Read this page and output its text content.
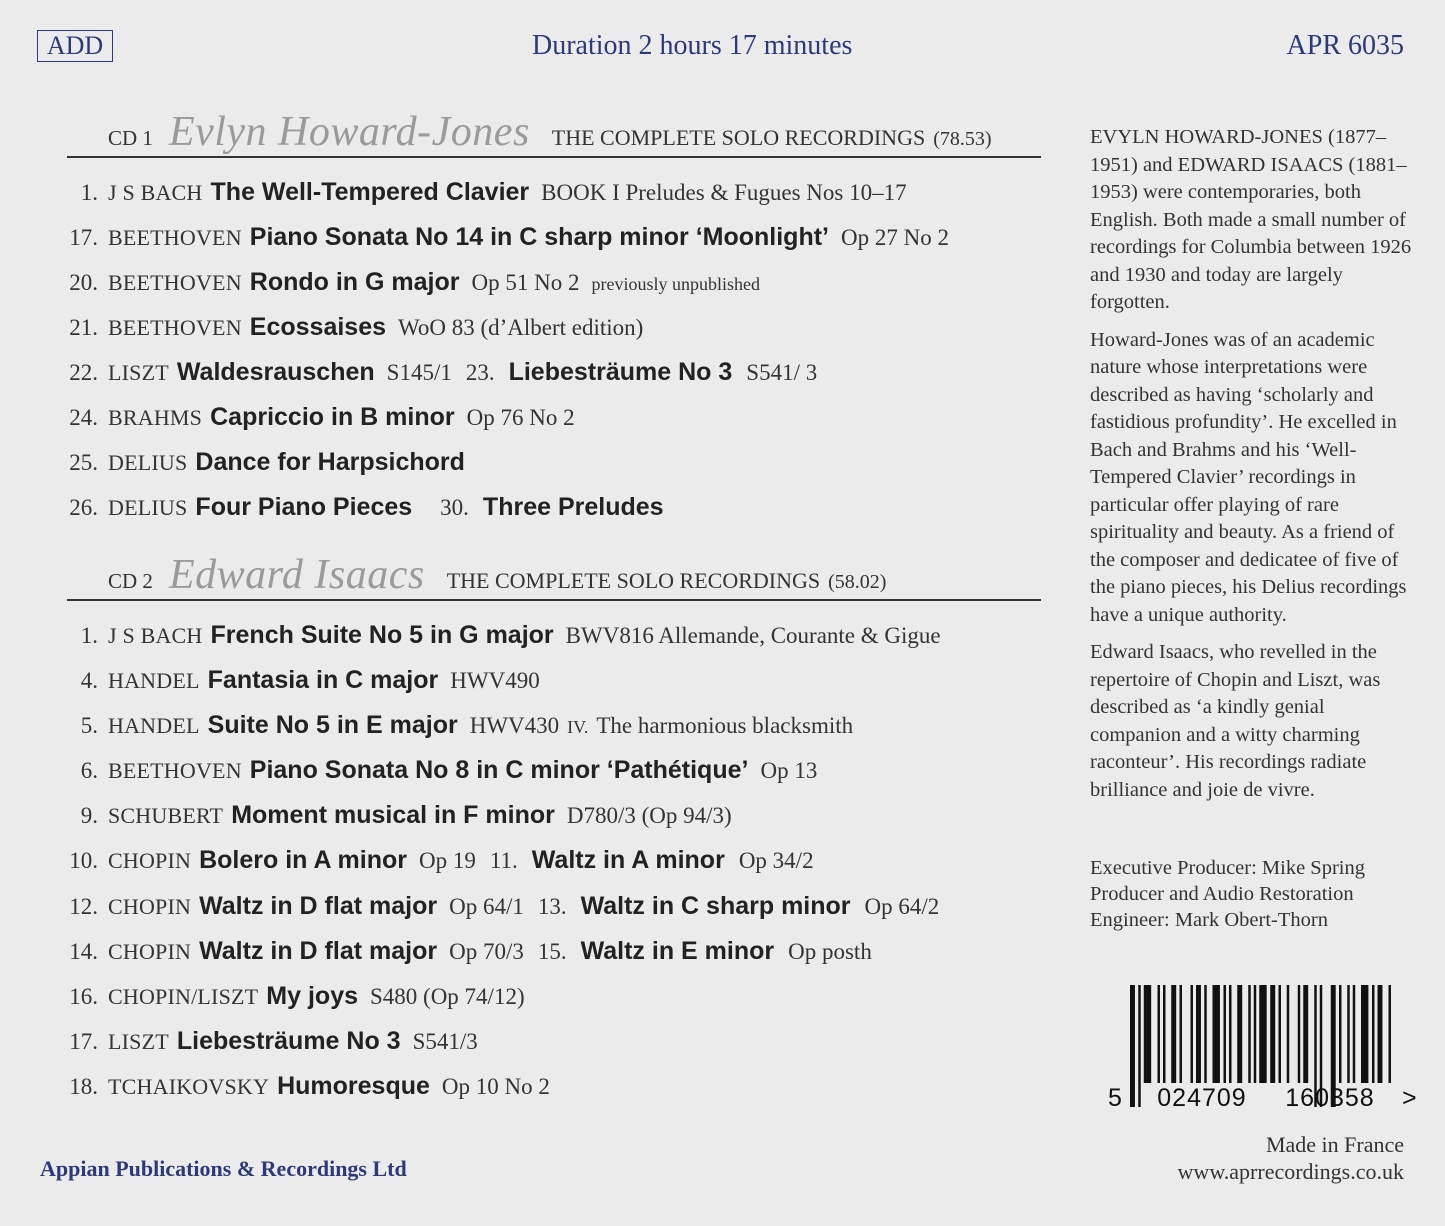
ADD	Duration 2 hours 17 minutes	APR 6035
CD 1 Evlyn Howard-Jones THE COMPLETE SOLO RECORDINGS (78.53)
1. J S BACH The Well-Tempered Clavier BOOK I Preludes & Fugues Nos 10–17
17. BEETHOVEN Piano Sonata No 14 in C sharp minor ‘Moonlight’ Op 27 No 2
20. BEETHOVEN Rondo in G major Op 51 No 2 previously unpublished
21. BEETHOVEN Ecossaises WoO 83 (d’Albert edition)
22. LISZT Waldesrauschen S145/1 23. Liebesträume No 3 S541/ 3
24. BRAHMS Capriccio in B minor Op 76 No 2
25. DELIUS Dance for Harpsichord
26. DELIUS Four Piano Pieces 30. Three Preludes
CD 2 Edward Isaacs THE COMPLETE SOLO RECORDINGS (58.02)
1. J S BACH French Suite No 5 in G major BWV816 Allemande, Courante & Gigue
4. HANDEL Fantasia in C major HWV490
5. HANDEL Suite No 5 in E major HWV430 IV. The harmonious blacksmith
6. BEETHOVEN Piano Sonata No 8 in C minor ‘Pathétique’ Op 13
9. SCHUBERT Moment musical in F minor D780/3 (Op 94/3)
10. CHOPIN Bolero in A minor Op 19 11. Waltz in A minor Op 34/2
12. CHOPIN Waltz in D flat major Op 64/1 13. Waltz in C sharp minor Op 64/2
14. CHOPIN Waltz in D flat major Op 70/3 15. Waltz in E minor Op posth
16. CHOPIN/LISZT My joys S480 (Op 74/12)
17. LISZT Liebesträume No 3 S541/3
18. TCHAIKOVSKY Humoresque Op 10 No 2

EVYLN HOWARD-JONES (1877–1951) and EDWARD ISAACS (1881–1953) were contemporaries, both English. Both made a small number of recordings for Columbia between 1926 and 1930 and today are largely forgotten.

Howard-Jones was of an academic nature whose interpretations were described as having ‘scholarly and fastidious profundity’. He excelled in Bach and Brahms and his ‘Well-Tempered Clavier’ recordings in particular offer playing of rare spirituality and beauty. As a friend of the composer and dedicatee of five of the piano pieces, his Delius recordings have a unique authority.

Edward Isaacs, who revelled in the repertoire of Chopin and Liszt, was described as ‘a kindly genial companion and a witty charming raconteur’. His recordings radiate brilliance and joie de vivre.

Executive Producer: Mike Spring
Producer and Audio Restoration
Engineer: Mark Obert-Thorn
5 024709 160358 >
Appian Publications & Recordings Ltd
Made in France
www.aprrecordings.co.uk
